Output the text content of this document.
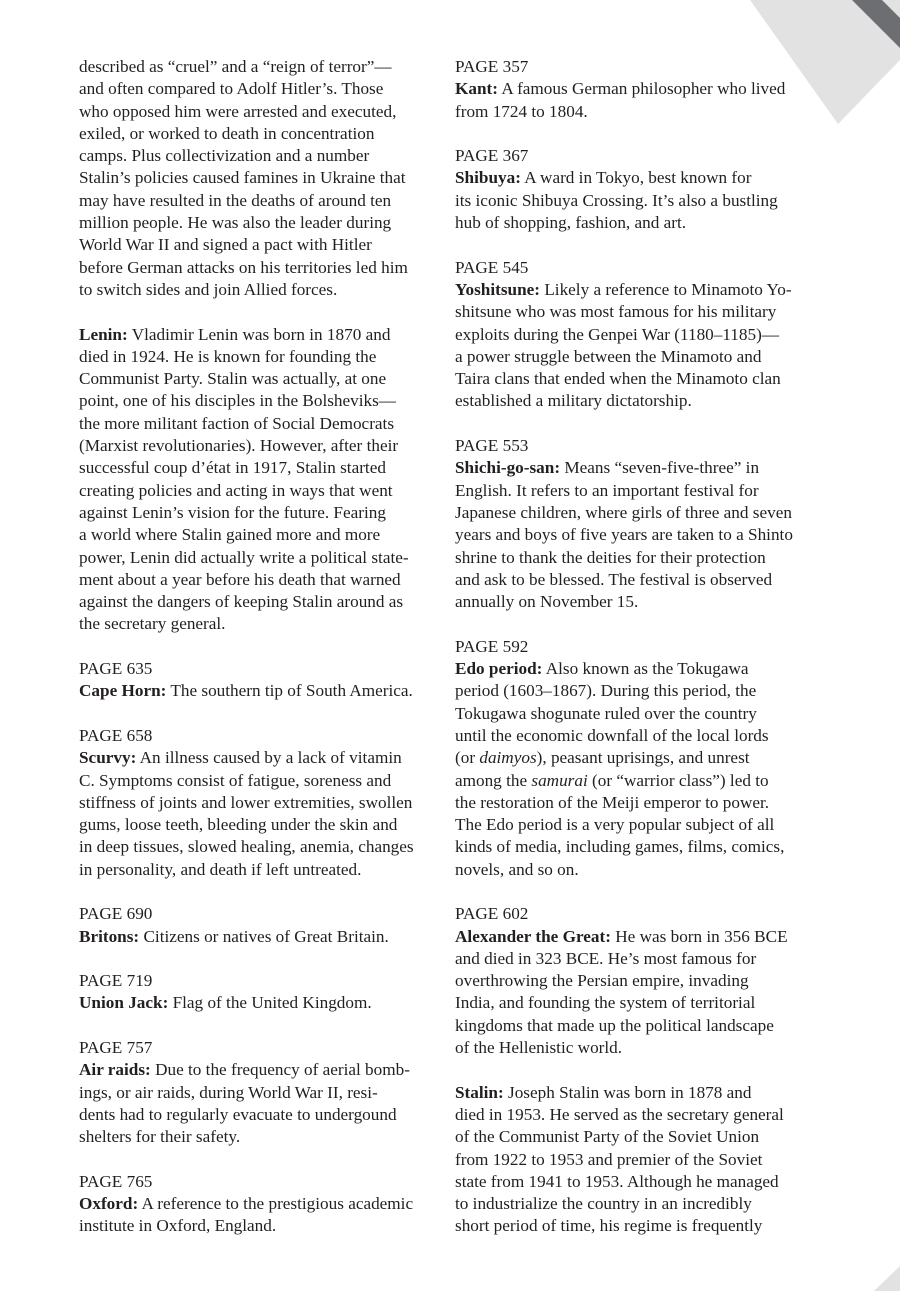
described as “cruel” and a “reign of terror”—
and often compared to Adolf Hitler’s. Those
who opposed him were arrested and executed,
exiled, or worked to death in concentration
camps. Plus collectivization and a number
Stalin’s policies caused famines in Ukraine that
may have resulted in the deaths of around ten
million people. He was also the leader during
World War II and signed a pact with Hitler
before German attacks on his territories led him
to switch sides and join Allied forces.
Lenin: Vladimir Lenin was born in 1870 and
died in 1924. He is known for founding the
Communist Party. Stalin was actually, at one
point, one of his disciples in the Bolsheviks—
the more militant faction of Social Democrats
(Marxist revolutionaries). However, after their
successful coup d’état in 1917, Stalin started
creating policies and acting in ways that went
against Lenin’s vision for the future. Fearing
a world where Stalin gained more and more
power, Lenin did actually write a political state-
ment about a year before his death that warned
against the dangers of keeping Stalin around as
the secretary general.
PAGE 635
Cape Horn: The southern tip of South America.
PAGE 658
Scurvy: An illness caused by a lack of vitamin
C. Symptoms consist of fatigue, soreness and
stiffness of joints and lower extremities, swollen
gums, loose teeth, bleeding under the skin and
in deep tissues, slowed healing, anemia, changes
in personality, and death if left untreated.
PAGE 690
Britons: Citizens or natives of Great Britain.
PAGE 719
Union Jack: Flag of the United Kingdom.
PAGE 757
Air raids: Due to the frequency of aerial bomb-
ings, or air raids, during World War II, resi-
dents had to regularly evacuate to undergound
shelters for their safety.
PAGE 765
Oxford: A reference to the prestigious academic
institute in Oxford, England.
PAGE 357
Kant: A famous German philosopher who lived
from 1724 to 1804.
PAGE 367
Shibuya: A ward in Tokyo, best known for
its iconic Shibuya Crossing. It’s also a bustling
hub of shopping, fashion, and art.
PAGE 545
Yoshitsune: Likely a reference to Minamoto Yo-
shitsune who was most famous for his military
exploits during the Genpei War (1180–1185)—
a power struggle between the Minamoto and
Taira clans that ended when the Minamoto clan
established a military dictatorship.
PAGE 553
Shichi-go-san: Means “seven-five-three” in
English. It refers to an important festival for
Japanese children, where girls of three and seven
years and boys of five years are taken to a Shinto
shrine to thank the deities for their protection
and ask to be blessed. The festival is observed
annually on November 15.
PAGE 592
Edo period: Also known as the Tokugawa
period (1603–1867). During this period, the
Tokugawa shogunate ruled over the country
until the economic downfall of the local lords
(or daimyos), peasant uprisings, and unrest
among the samurai (or “warrior class”) led to
the restoration of the Meiji emperor to power.
The Edo period is a very popular subject of all
kinds of media, including games, films, comics,
novels, and so on.
PAGE 602
Alexander the Great: He was born in 356 BCE
and died in 323 BCE. He’s most famous for
overthrowing the Persian empire, invading
India, and founding the system of territorial
kingdoms that made up the political landscape
of the Hellenistic world.
Stalin: Joseph Stalin was born in 1878 and
died in 1953. He served as the secretary general
of the Communist Party of the Soviet Union
from 1922 to 1953 and premier of the Soviet
state from 1941 to 1953. Although he managed
to industrialize the country in an incredibly
short period of time, his regime is frequently
